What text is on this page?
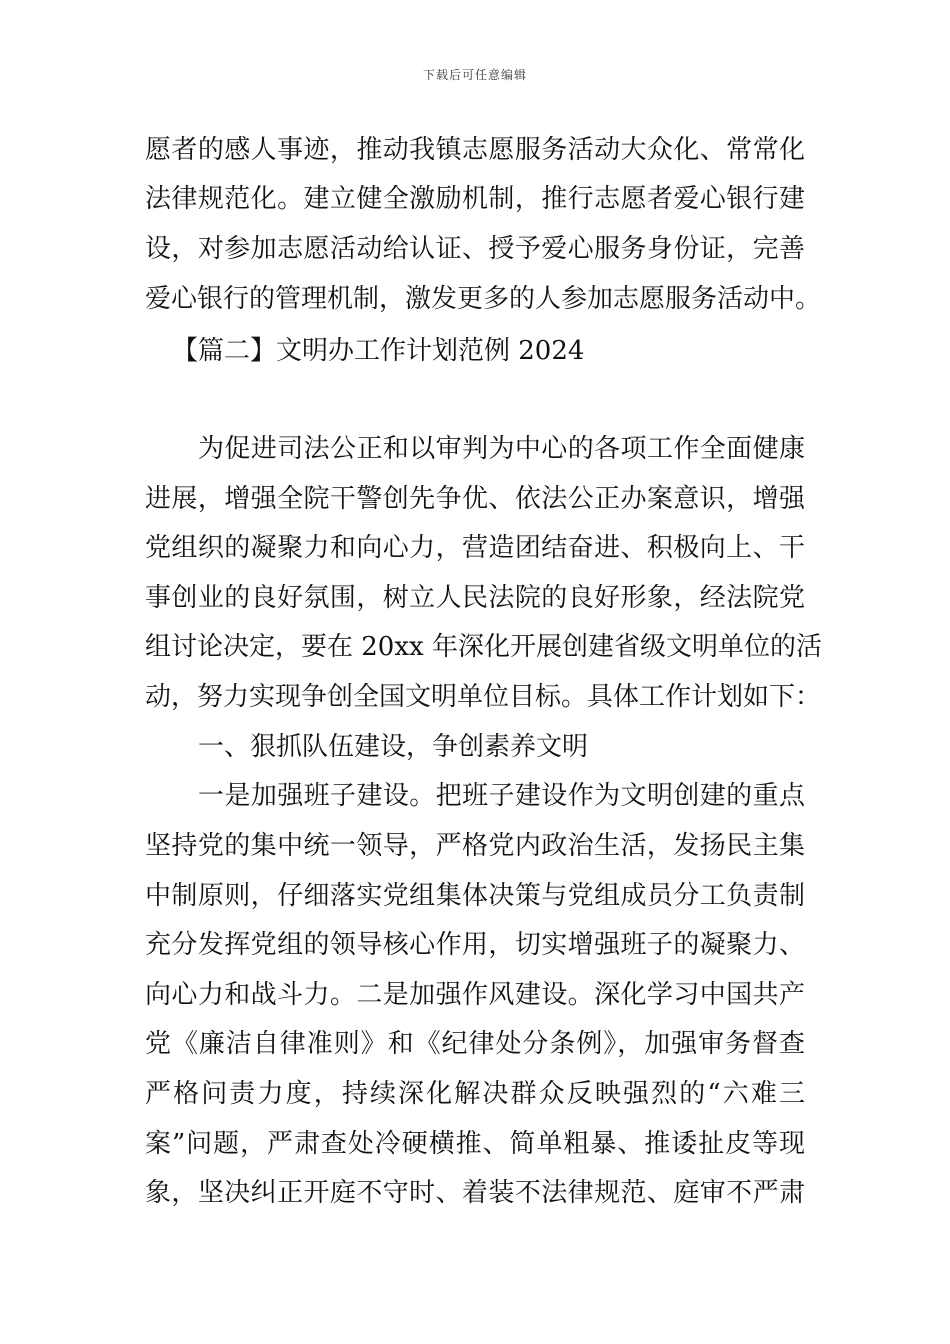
下载后可任意编辑
愿者的感人事迹，推动我镇志愿服务活动大众化、常常化
法律规范化。建立健全激励机制，推行志愿者爱心银行建
设，对参加志愿活动给认证、授予爱心服务身份证，完善
爱心银行的管理机制，激发更多的人参加志愿服务活动中。
【篇二】文明办工作计划范例 2024
为促进司法公正和以审判为中心的各项工作全面健康
进展，增强全院干警创先争优、依法公正办案意识，增强
党组织的凝聚力和向心力，营造团结奋进、积极向上、干
事创业的良好氛围，树立人民法院的良好形象，经法院党
组讨论决定，要在 20xx 年深化开展创建省级文明单位的活
动，努力实现争创全国文明单位目标。具体工作计划如下：
一、狠抓队伍建设，争创素养文明
一是加强班子建设。把班子建设作为文明创建的重点
坚持党的集中统一领导，严格党内政治生活，发扬民主集
中制原则，仔细落实党组集体决策与党组成员分工负责制
充分发挥党组的领导核心作用，切实增强班子的凝聚力、
向心力和战斗力。二是加强作风建设。深化学习中国共产
党《廉洁自律准则》和《纪律处分条例》，加强审务督查
严格问责力度，持续深化解决群众反映强烈的“六难三
案”问题，严肃查处冷硬横推、简单粗暴、推诿扯皮等现
象，坚决纠正开庭不守时、着装不法律规范、庭审不严肃
